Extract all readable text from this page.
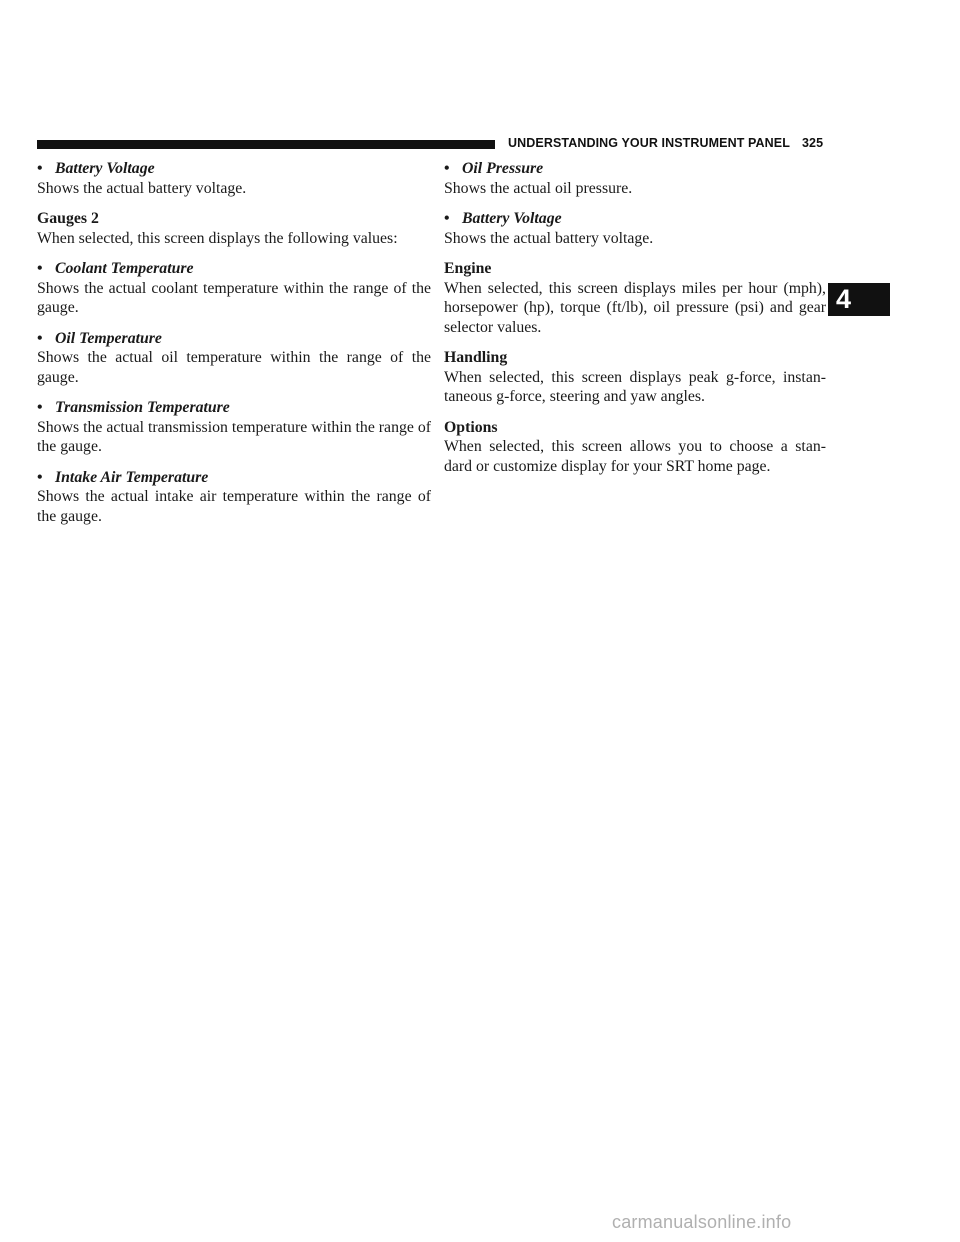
UNDERSTANDING YOUR INSTRUMENT PANEL 325
4
• Battery Voltage
Shows the actual battery voltage.
Gauges 2
When selected, this screen displays the following values:
• Coolant Temperature
Shows the actual coolant temperature within the range of the gauge.
• Oil Temperature
Shows the actual oil temperature within the range of the gauge.
• Transmission Temperature
Shows the actual transmission temperature within the range of the gauge.
• Intake Air Temperature
Shows the actual intake air temperature within the range of the gauge.
• Oil Pressure
Shows the actual oil pressure.
• Battery Voltage
Shows the actual battery voltage.
Engine
When selected, this screen displays miles per hour (mph), horsepower (hp), torque (ft/lb), oil pressure (psi) and gear selector values.
Handling
When selected, this screen displays peak g-force, instan- taneous g-force, steering and yaw angles.
Options
When selected, this screen allows you to choose a stan- dard or customize display for your SRT home page.
carmanualsonline.info
